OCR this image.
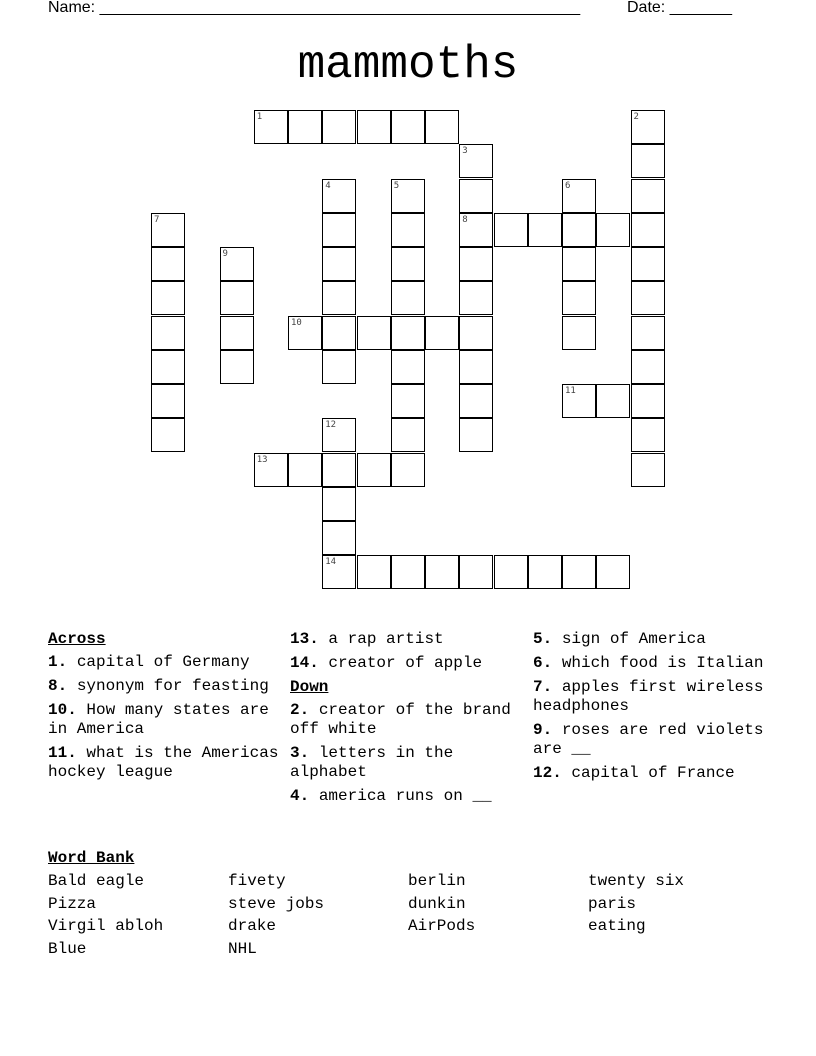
Name: ______________________________________________________	Date: _______
mammoths
1	2
3
4	5	6
7	8
9
10
11
12
13
14
Across
1. capital of Germany
8. synonym for feasting
10. How many states are in America
11. what is the Americas hockey league
13. a rap artist
14. creator of apple
Down
2. creator of the brand off white
3. letters in the alphabet
4. america runs on __
5. sign of America
6. which food is Italian
7. apples first wireless headphones
9. roses are red violets are __
12. capital of France
Word Bank
Bald eagle	fivety	berlin	twenty six
Pizza	steve jobs	dunkin	paris
Virgil abloh	drake	AirPods	eating
Blue	NHL
